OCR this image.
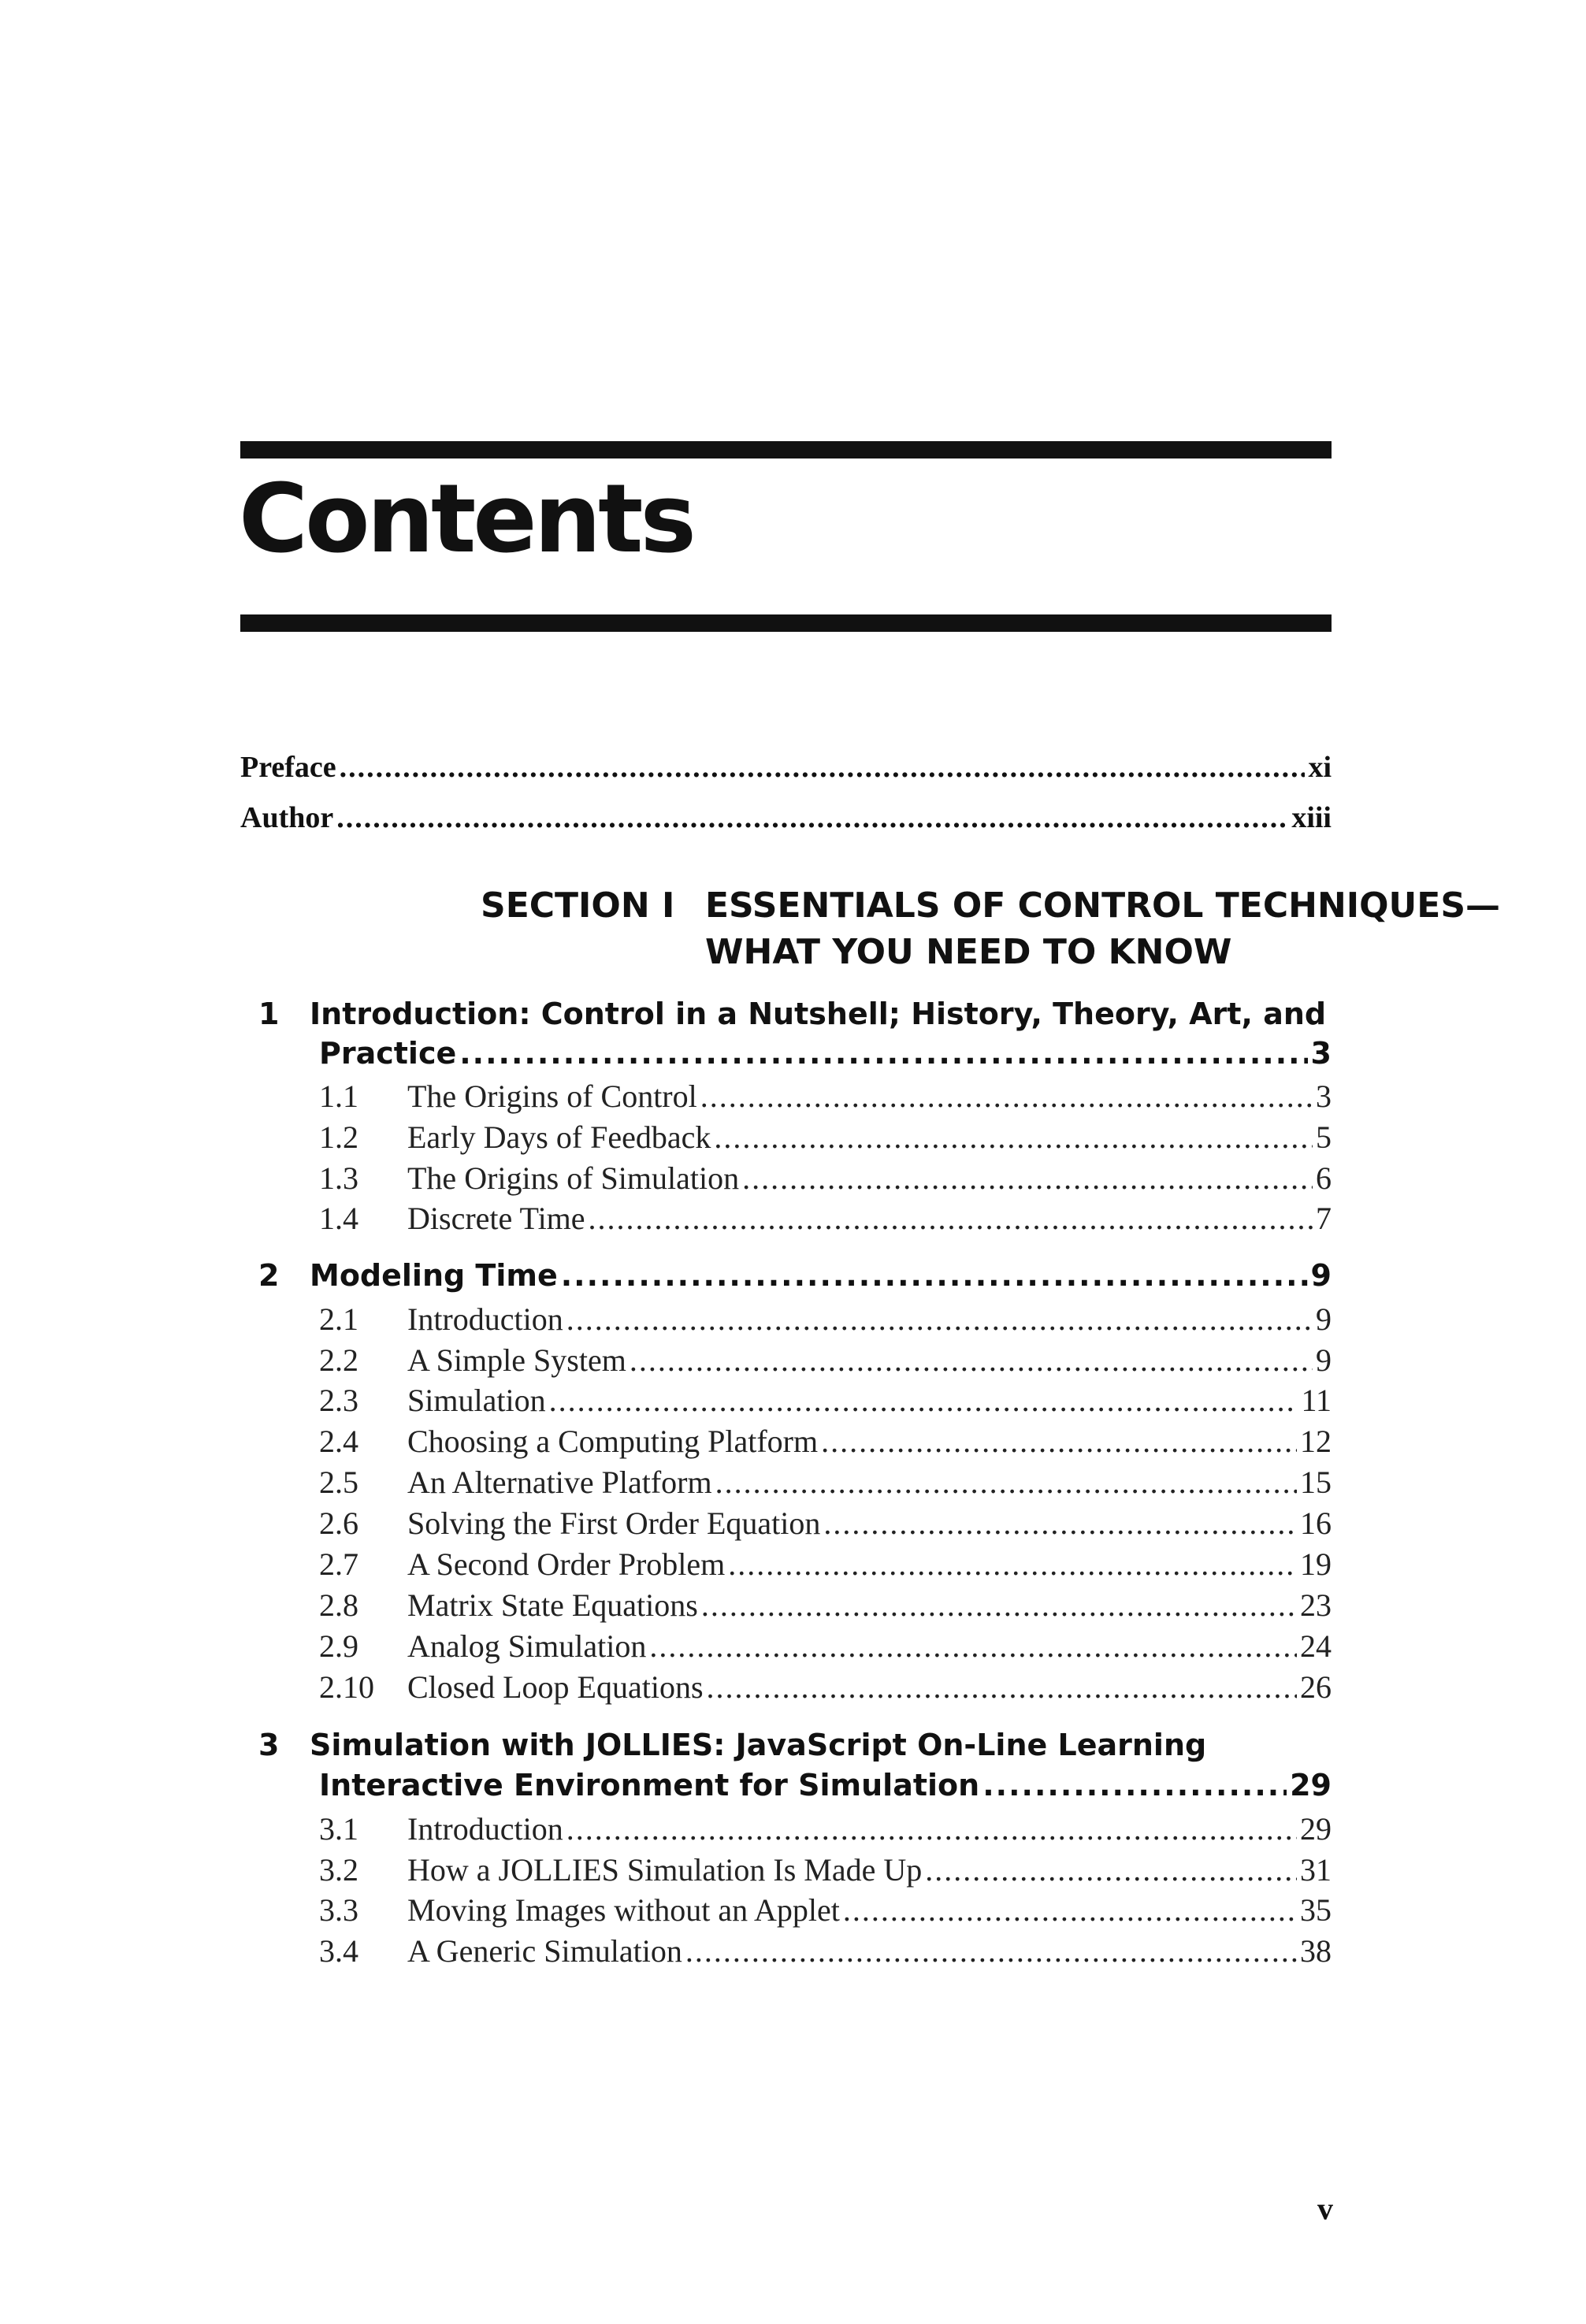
Contents
Preface .....	xi
Author .....	xiii
SECTION I ESSENTIALS OF CONTROL TECHNIQUES—
WHAT YOU NEED TO KNOW
1 Introduction: Control in a Nutshell; History, Theory, Art, and
Practice .....	3
1.1	The Origins of Control .....	3
1.2	Early Days of Feedback .....	5
1.3	The Origins of Simulation .....	6
1.4	Discrete Time .....	7
2 Modeling Time .....	9
2.1	Introduction .....	9
2.2	A Simple System .....	9
2.3	Simulation .....	11
2.4	Choosing a Computing Platform .....	12
2.5	An Alternative Platform .....	15
2.6	Solving the First Order Equation .....	16
2.7	A Second Order Problem .....	19
2.8	Matrix State Equations .....	23
2.9	Analog Simulation .....	24
2.10	Closed Loop Equations .....	26
3 Simulation with JOLLIES: JavaScript On-Line Learning
Interactive Environment for Simulation .....	29
3.1	Introduction .....	29
3.2	How a JOLLIES Simulation Is Made Up .....	31
3.3	Moving Images without an Applet .....	35
3.4	A Generic Simulation .....	38
v
